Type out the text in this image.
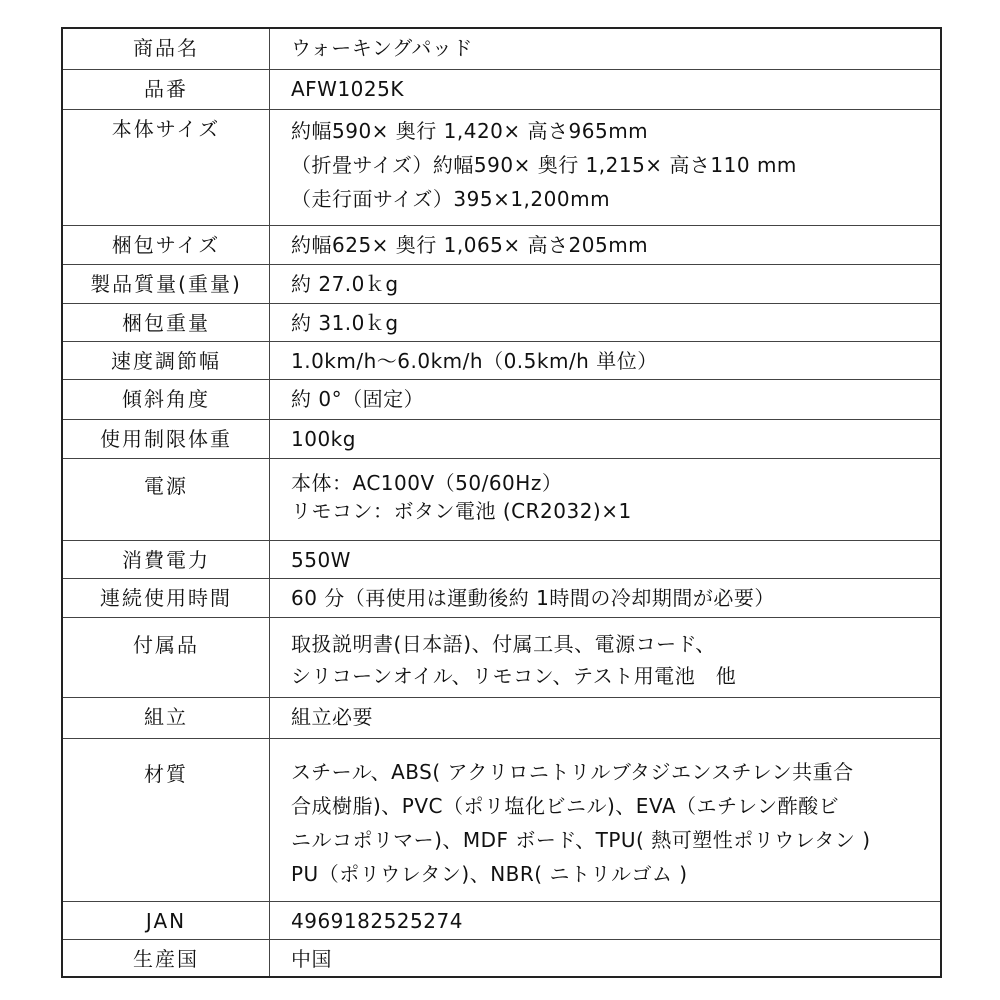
商品名	ウォーキングパッド

品番	AFW1025K

本体サイズ	約幅590× 奥行 1,420× 高さ965mm
（折畳サイズ）約幅590× 奥行 1,215× 高さ110 mm
（走行面サイズ）395×1,200mm

梱包サイズ	約幅625× 奥行 1,065× 高さ205mm

製品質量(重量)	約 27.0ｋg

梱包重量	約 31.0ｋg

速度調節幅	1.0km/h～6.0km/h（0.5km/h 単位）

傾斜角度	約 0°（固定）

使用制限体重	100kg

電源	本体：AC100V（50/60Hz）
リモコン：ボタン電池 (CR2032)×1

消費電力	550W

連続使用時間	60 分（再使用は運動後約 1時間の冷却期間が必要）

付属品	取扱説明書(日本語)、付属工具、電源コード、
シリコーンオイル、リモコン、テスト用電池　他

組立	組立必要

材質	スチール、ABS( アクリロニトリルブタジエンスチレン共重合
合成樹脂)、PVC（ポリ塩化ビニル)、EVA（エチレン酢酸ビ
ニルコポリマー)、MDF ボード、TPU( 熱可塑性ポリウレタン )
PU（ポリウレタン)、NBR( ニトリルゴム )

JAN	4969182525274

生産国	中国
